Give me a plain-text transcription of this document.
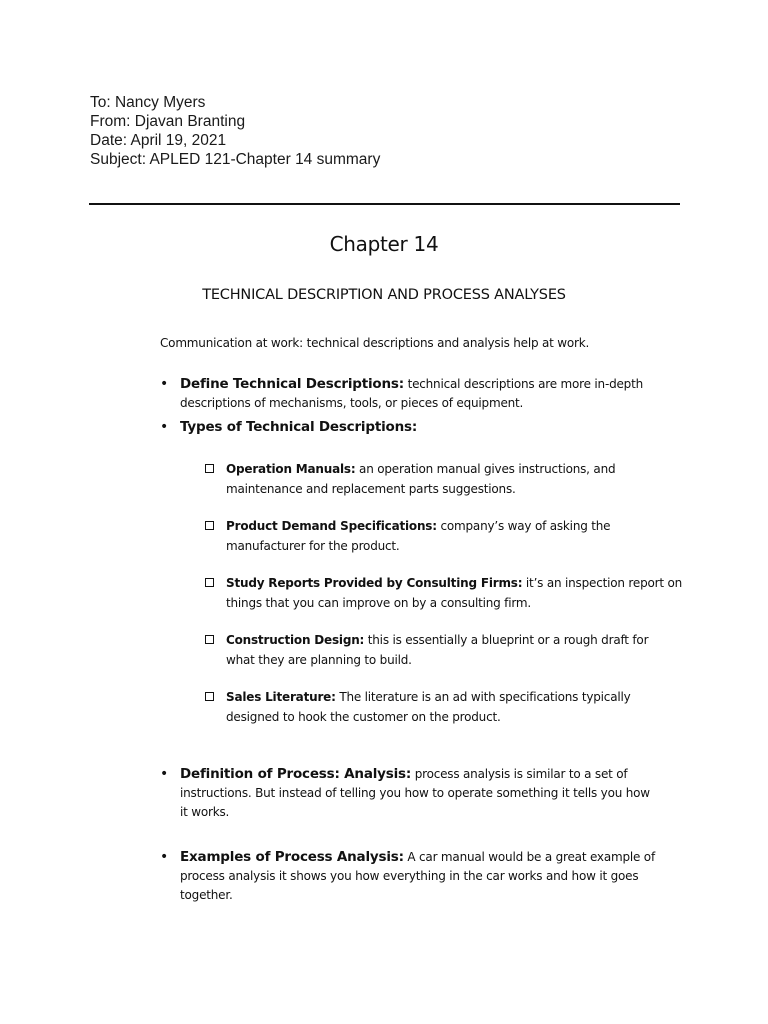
To: Nancy Myers
From: Djavan Branting
Date: April 19, 2021
Subject: APLED 121-Chapter 14 summary
Chapter 14
TECHNICAL DESCRIPTION AND PROCESS ANALYSES
Communication at work: technical descriptions and analysis help at work.
• Define Technical Descriptions: technical descriptions are more in-depth
descriptions of mechanisms, tools, or pieces of equipment.
• Types of Technical Descriptions:
Operation Manuals: an operation manual gives instructions, and
maintenance and replacement parts suggestions.
Product Demand Specifications: company’s way of asking the
manufacturer for the product.
Study Reports Provided by Consulting Firms: it’s an inspection report on
things that you can improve on by a consulting firm.
Construction Design: this is essentially a blueprint or a rough draft for
what they are planning to build.
Sales Literature: The literature is an ad with specifications typically
designed to hook the customer on the product.
• Definition of Process: Analysis: process analysis is similar to a set of
instructions. But instead of telling you how to operate something it tells you how
it works.
• Examples of Process Analysis: A car manual would be a great example of
process analysis it shows you how everything in the car works and how it goes
together.
